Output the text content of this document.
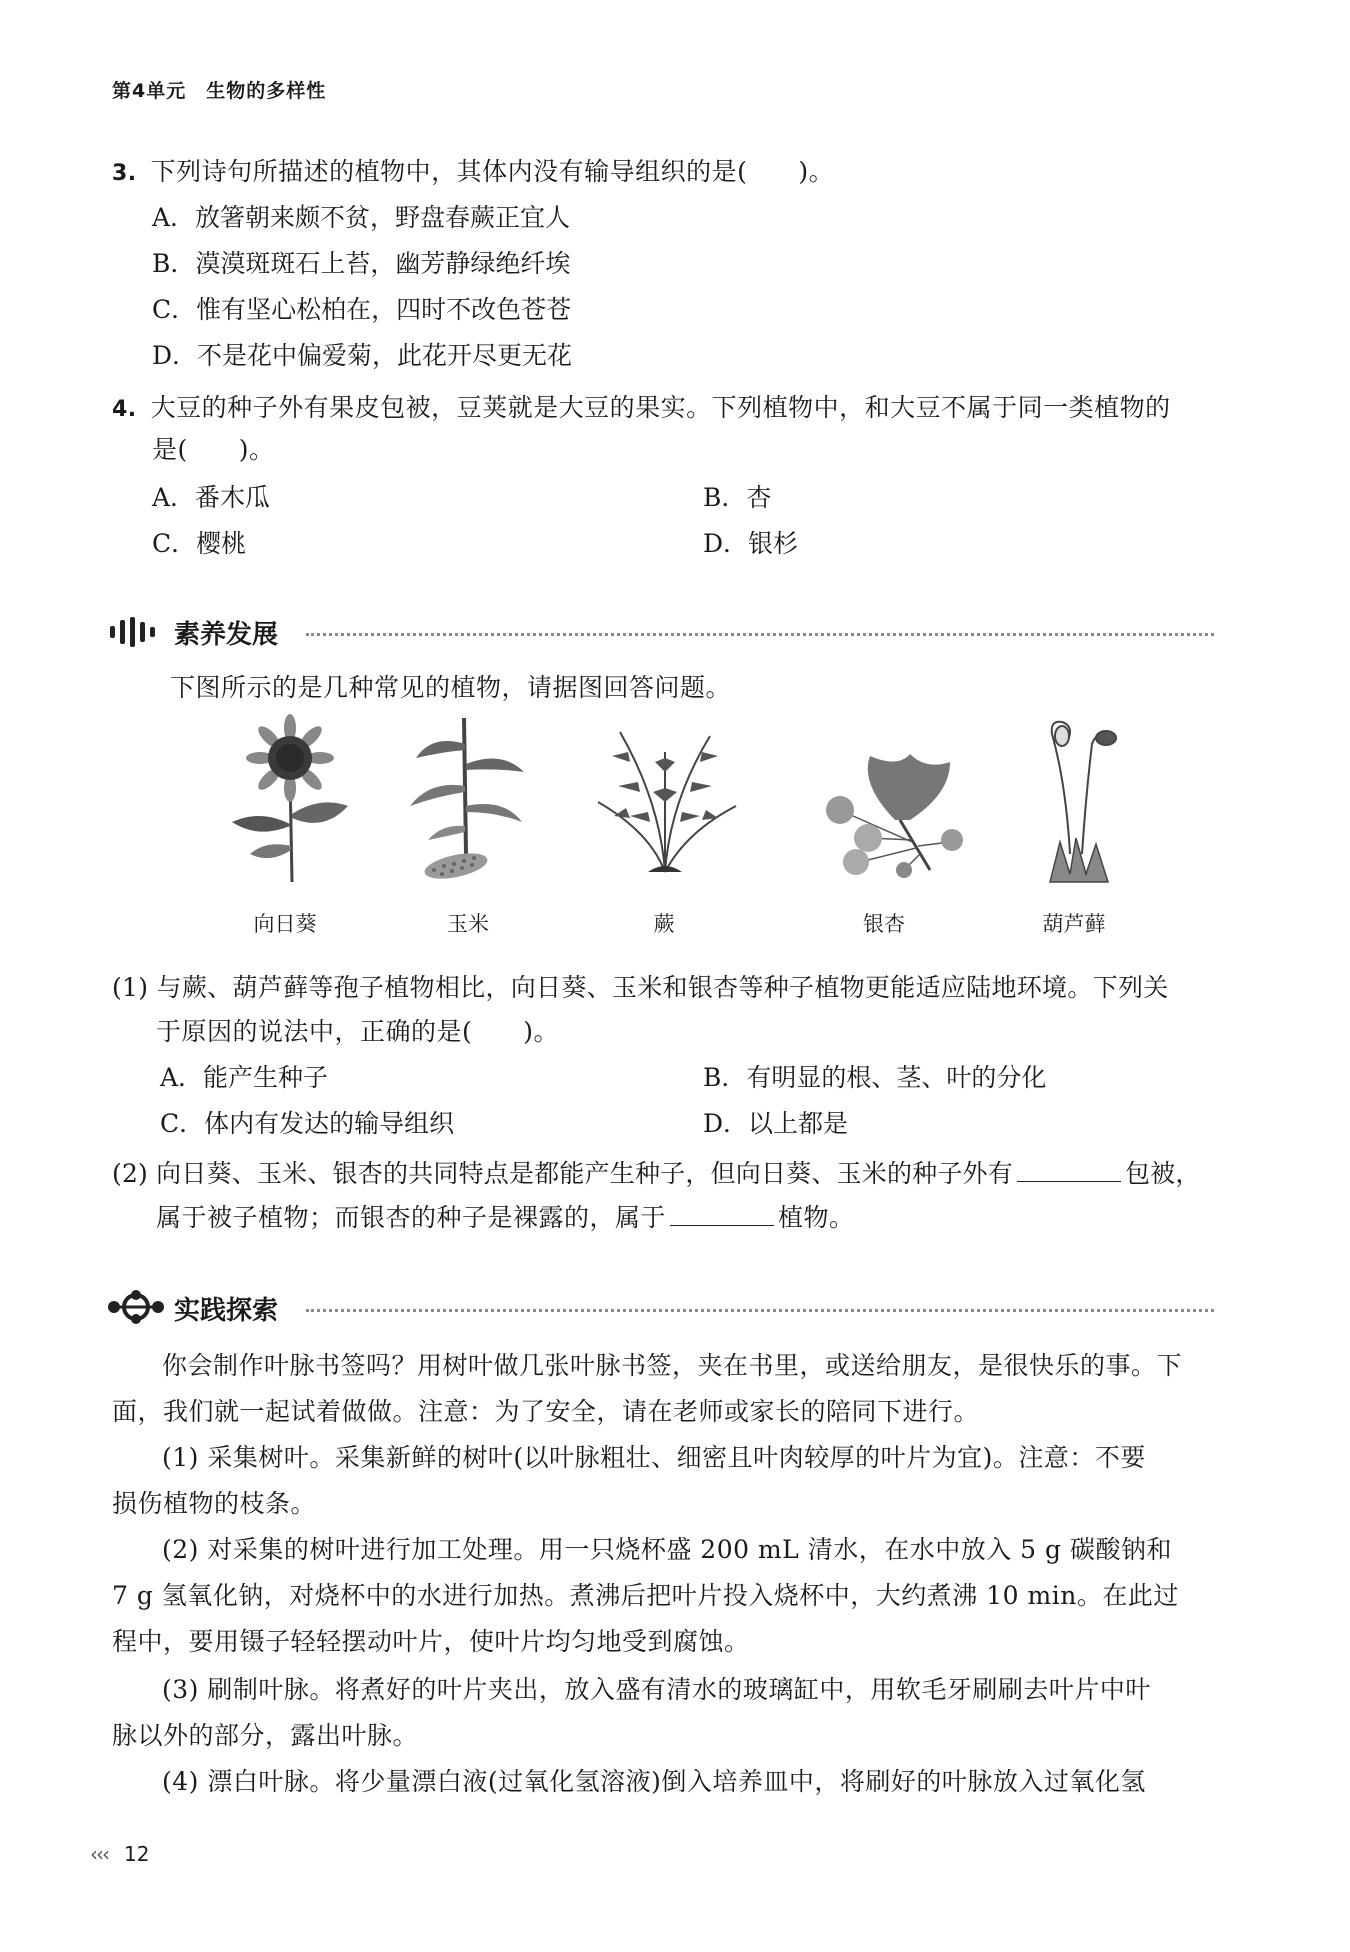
第4单元 生物的多样性
3. 下列诗句所描述的植物中，其体内没有输导组织的是(　　)。
A．放箸朝来颇不贫，野盘春蕨正宜人
B．漠漠斑斑石上苔，幽芳静绿绝纤埃
C．惟有坚心松柏在，四时不改色苍苍
D．不是花中偏爱菊，此花开尽更无花
4. 大豆的种子外有果皮包被，豆荚就是大豆的果实。下列植物中，和大豆不属于同一类植物的
是(　　)。
A．番木瓜	B．杏
C．樱桃	D．银杉
素养发展
下图所示的是几种常见的植物，请据图回答问题。
向日葵	玉米	蕨	银杏	葫芦藓
(1) 与蕨、葫芦藓等孢子植物相比，向日葵、玉米和银杏等种子植物更能适应陆地环境。下列关
于原因的说法中，正确的是(　　)。
A．能产生种子	B．有明显的根、茎、叶的分化
C．体内有发达的输导组织	D．以上都是
(2) 向日葵、玉米、银杏的共同特点是都能产生种子，但向日葵、玉米的种子外有	包被，
属于被子植物；而银杏的种子是裸露的，属于	植物。
实践探索
你会制作叶脉书签吗？用树叶做几张叶脉书签，夹在书里，或送给朋友，是很快乐的事。下
面，我们就一起试着做做。注意：为了安全，请在老师或家长的陪同下进行。
(1) 采集树叶。采集新鲜的树叶(以叶脉粗壮、细密且叶肉较厚的叶片为宜)。注意：不要
损伤植物的枝条。
(2) 对采集的树叶进行加工处理。用一只烧杯盛 200 mL 清水，在水中放入 5 g 碳酸钠和
7 g 氢氧化钠，对烧杯中的水进行加热。煮沸后把叶片投入烧杯中，大约煮沸 10 min。在此过
程中，要用镊子轻轻摆动叶片，使叶片均匀地受到腐蚀。
(3) 刷制叶脉。将煮好的叶片夹出，放入盛有清水的玻璃缸中，用软毛牙刷刷去叶片中叶
脉以外的部分，露出叶脉。
(4) 漂白叶脉。将少量漂白液(过氧化氢溶液)倒入培养皿中，将刷好的叶脉放入过氧化氢
‹‹‹ 12
